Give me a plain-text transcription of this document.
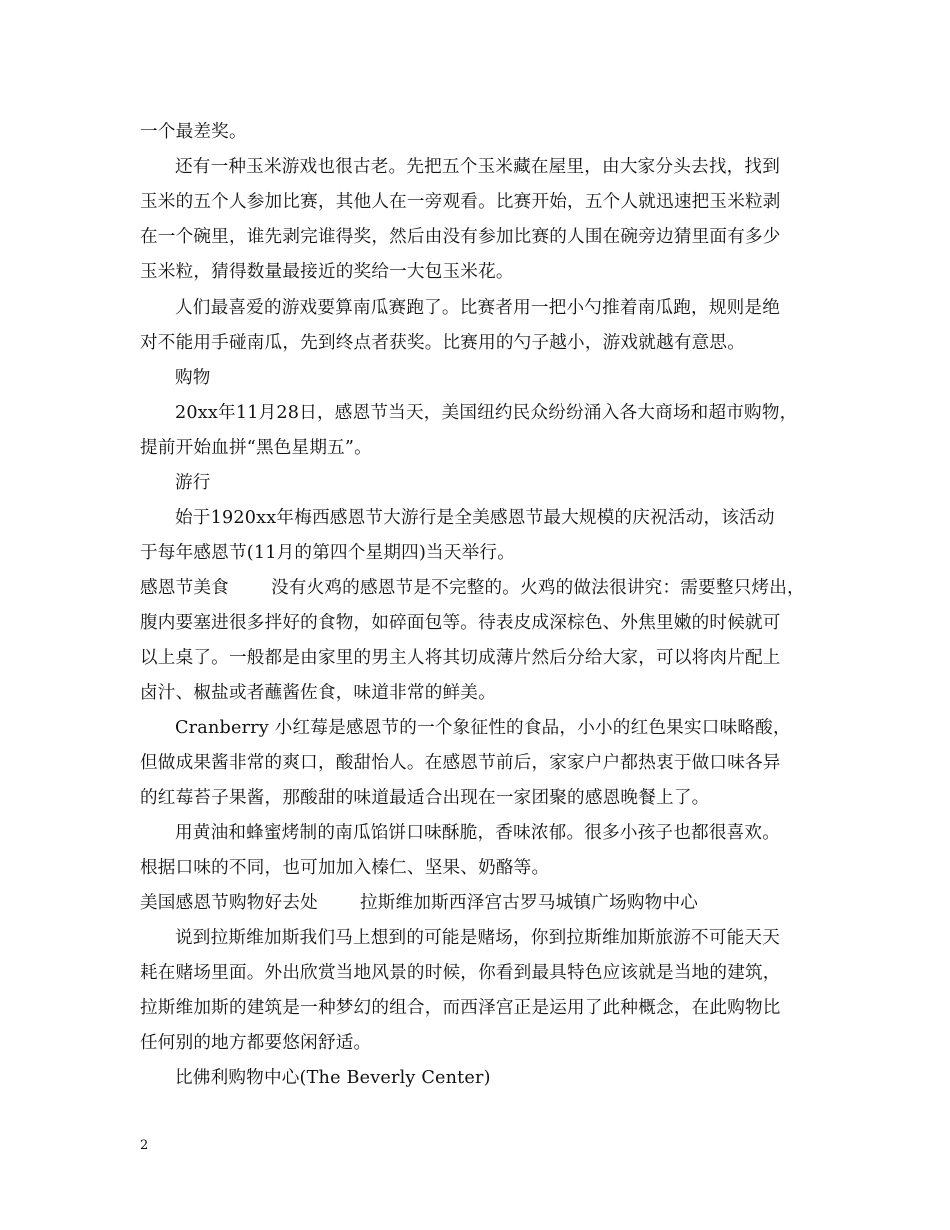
一个最差奖。
还有一种玉米游戏也很古老。先把五个玉米藏在屋里，由大家分头去找，找到
玉米的五个人参加比赛，其他人在一旁观看。比赛开始，五个人就迅速把玉米粒剥
在一个碗里，谁先剥完谁得奖，然后由没有参加比赛的人围在碗旁边猜里面有多少
玉米粒，猜得数量最接近的奖给一大包玉米花。
人们最喜爱的游戏要算南瓜赛跑了。比赛者用一把小勺推着南瓜跑，规则是绝
对不能用手碰南瓜，先到终点者获奖。比赛用的勺子越小，游戏就越有意思。
购物
20xx年11月28日，感恩节当天，美国纽约民众纷纷涌入各大商场和超市购物，
提前开始血拼“黑色星期五”。
游行
始于1920xx年梅西感恩节大游行是全美感恩节最大规模的庆祝活动，该活动
于每年感恩节(11月的第四个星期四)当天举行。
感恩节美食 没有火鸡的感恩节是不完整的。火鸡的做法很讲究：需要整只烤出，
腹内要塞进很多拌好的食物，如碎面包等。待表皮成深棕色、外焦里嫩的时候就可
以上桌了。一般都是由家里的男主人将其切成薄片然后分给大家，可以将肉片配上
卤汁、椒盐或者蘸酱佐食，味道非常的鲜美。
Cranberry 小红莓是感恩节的一个象征性的食品，小小的红色果实口味略酸，
但做成果酱非常的爽口，酸甜怡人。在感恩节前后，家家户户都热衷于做口味各异
的红莓苔子果酱，那酸甜的味道最适合出现在一家团聚的感恩晚餐上了。
用黄油和蜂蜜烤制的南瓜馅饼口味酥脆，香味浓郁。很多小孩子也都很喜欢。
根据口味的不同，也可加加入榛仁、坚果、奶酪等。
美国感恩节购物好去处 拉斯维加斯西泽宫古罗马城镇广场购物中心
说到拉斯维加斯我们马上想到的可能是赌场，你到拉斯维加斯旅游不可能天天
耗在赌场里面。外出欣赏当地风景的时候，你看到最具特色应该就是当地的建筑，
拉斯维加斯的建筑是一种梦幻的组合，而西泽宫正是运用了此种概念，在此购物比
任何别的地方都要悠闲舒适。
比佛利购物中心(The Beverly Center)
2
